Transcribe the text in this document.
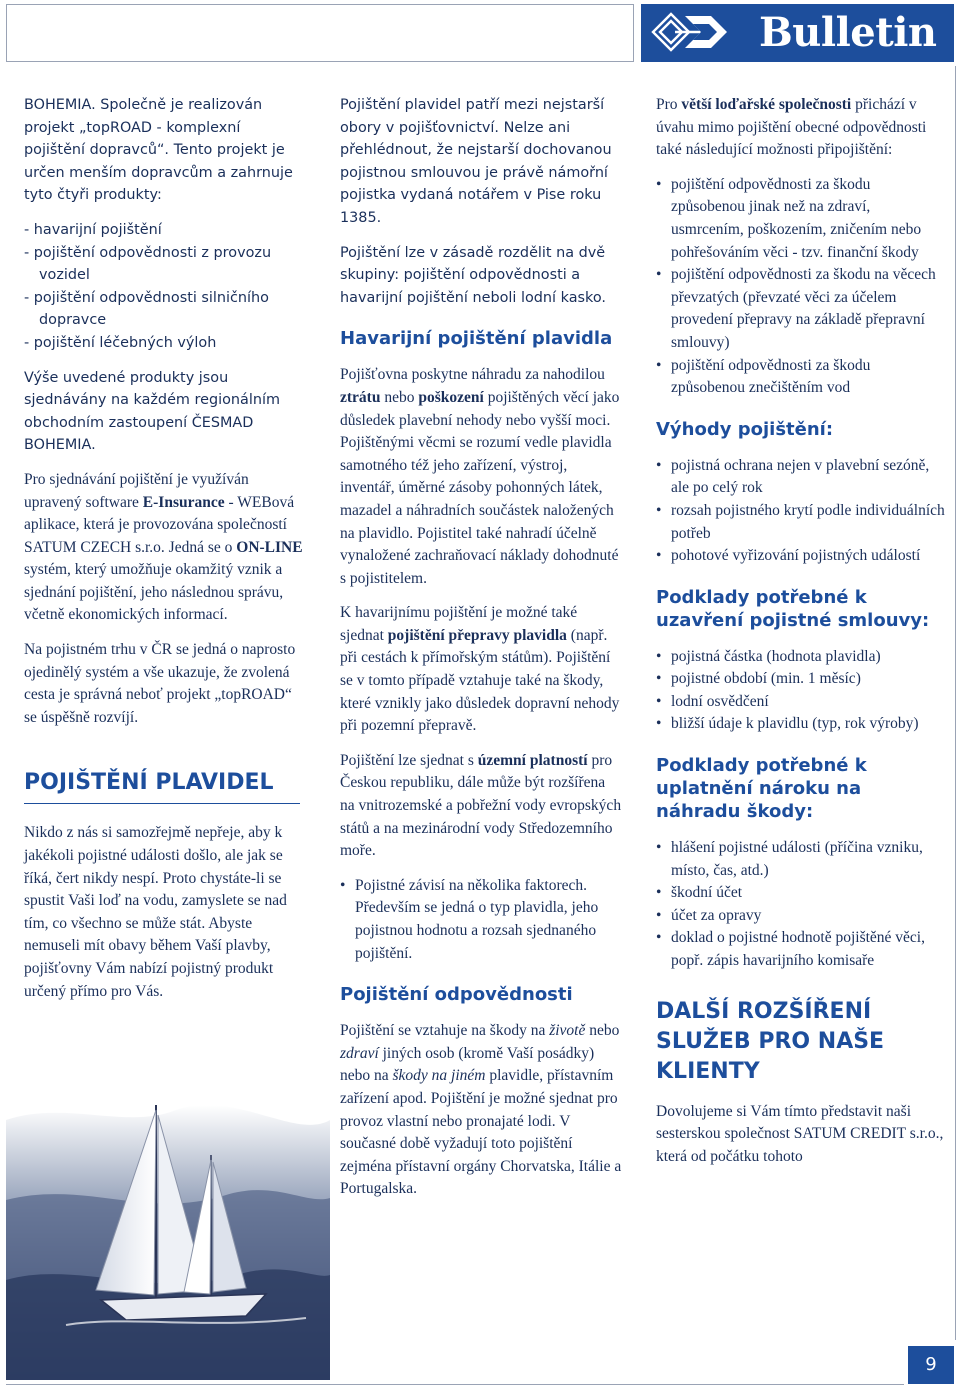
Bulletin

BOHEMIA. Společně je realizován projekt „topROAD - komplexní pojištění dopravců“. Tento projekt je určen menším dopravcům a zahrnuje tyto čtyři produkty:

- havarijní pojištění
- pojištění odpovědnosti z provozu vozidel
- pojištění odpovědnosti silničního dopravce
- pojištění léčebných výloh

Výše uvedené produkty jsou sjednávány na každém regionálním obchodním zastoupení ČESMAD BOHEMIA.

Pro sjednávání pojištění je využíván upravený software E-Insurance - WEBová aplikace, která je provozována společností SATUM CZECH s.r.o. Jedná se o ON-LINE systém, který umožňuje okamžitý vznik a sjednání pojištění, jeho následnou správu, včetně ekonomických informací.

Na pojistném trhu v ČR se jedná o naprosto ojedinělý systém a vše ukazuje, že zvolená cesta je správná neboť projekt „topROAD“ se úspěšně rozvíjí.

POJIŠTĚNÍ PLAVIDEL

Nikdo z nás si samozřejmě nepřeje, aby k jakékoli pojistné události došlo, ale jak se říká, čert nikdy nespí. Proto chystáte-li se spustit Vaši loď na vodu, zamyslete se nad tím, co všechno se může stát. Abyste nemuseli mít obavy během Vaší plavby, pojišťovny Vám nabízí pojistný produkt určený přímo pro Vás.

Pojištění plavidel patří mezi nejstarší obory v pojišťovnictví. Nelze ani přehlédnout, že nejstarší dochovanou pojistnou smlouvou je právě námořní pojistka vydaná notářem v Pise roku 1385.

Pojištění lze v zásadě rozdělit na dvě skupiny: pojištění odpovědnosti a havarijní pojištění neboli lodní kasko.

Havarijní pojištění plavidla

Pojišťovna poskytne náhradu za nahodilou ztrátu nebo poškození pojištěných věcí jako důsledek plavební nehody nebo vyšší moci. Pojištěnými věcmi se rozumí vedle plavidla samotného též jeho zařízení, výstroj, inventář, úměrné zásoby pohonných látek, mazadel a náhradních součástek naložených na plavidlo. Pojistitel také nahradí účelně vynaložené zachraňovací náklady dohodnuté s pojistitelem.

K havarijnímu pojištění je možné také sjednat pojištění přepravy plavidla (např. při cestách k přímořským státům). Pojištění se v tomto případě vztahuje také na škody, které vznikly jako důsledek dopravní nehody při pozemní přepravě.

Pojištění lze sjednat s územní platností pro Českou republiku, dále může být rozšířena na vnitrozemské a pobřežní vody evropských států a na mezinárodní vody Středozemního moře.

• Pojistné závisí na několika faktorech. Především se jedná o typ plavidla, jeho pojistnou hodnotu a rozsah sjednaného pojištění.
Pojištění odpovědnosti

Pojištění se vztahuje na škody na životě nebo zdraví jiných osob (kromě Vaší posádky) nebo na škody na jiném plavidle, přístavním zařízení apod. Pojištění je možné sjednat pro provoz vlastní nebo pronajaté lodi. V současné době vyžadují toto pojištění zejména přístavní orgány Chorvatska, Itálie a Portugalska.

Pro větší loďařské společnosti přichází v úvahu mimo pojištění obecné odpovědnosti také následující možnosti připojištění:

• pojištění odpovědnosti za škodu způsobenou jinak než na zdraví, usmrcením, poškozením, zničením nebo pohřešováním věci - tzv. finanční škody
• pojištění odpovědnosti za škodu na věcech převzatých (převzaté věci za účelem provedení přepravy na základě přepravní smlouvy)
• pojištění odpovědnosti za škodu způsobenou znečištěním vod
Výhody pojištění:
• pojistná ochrana nejen v plavební sezóně, ale po celý rok
• rozsah pojistného krytí podle individuálních potřeb
• pohotové vyřizování pojistných událostí
Podklady potřebné k uzavření pojistné smlouvy:
• pojistná částka (hodnota plavidla)
• pojistné období (min. 1 měsíc)
• lodní osvědčení
• bližší údaje k plavidlu (typ, rok výroby)
Podklady potřebné k uplatnění nároku na náhradu škody:
• hlášení pojistné události (příčina vzniku, místo, čas, atd.)
• škodní účet
• účet za opravy
• doklad o pojistné hodnotě pojištěné věci, popř. zápis havarijního komisaře
DALŠÍ ROZŠÍŘENÍ SLUŽEB PRO NAŠE KLIENTY

Dovolujeme si Vám tímto představit naši sesterskou společnost SATUM CREDIT s.r.o., která od počátku tohoto

9
